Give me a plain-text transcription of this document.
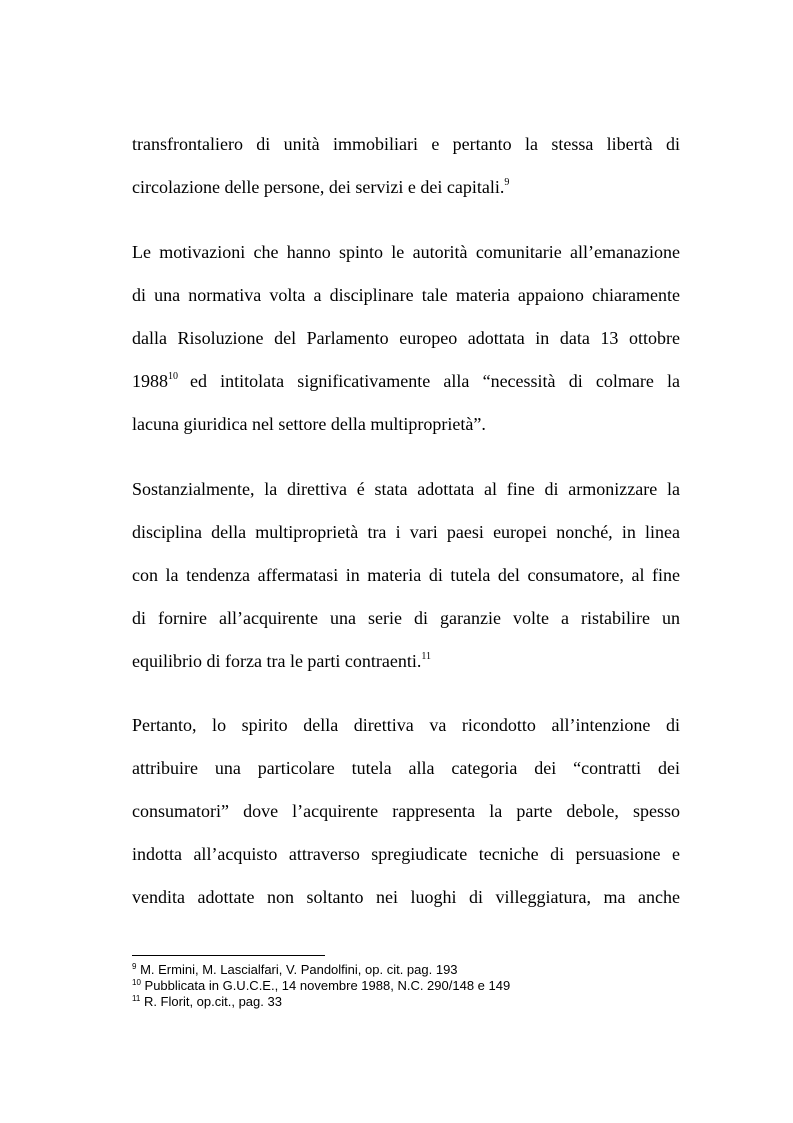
transfrontaliero di unità immobiliari e pertanto la stessa libertà di
circolazione delle persone, dei servizi e dei capitali.$^9$
Le motivazioni che hanno spinto le autorità comunitarie all’emanazione
di una normativa volta a disciplinare tale materia appaiono chiaramente
dalla Risoluzione del Parlamento europeo adottata in data 13 ottobre
1988$^{10}$ ed intitolata significativamente alla “necessità di colmare la
lacuna giuridica nel settore della multiproprietà”.
Sostanzialmente, la direttiva é stata adottata al fine di armonizzare la
disciplina della multiproprietà tra i vari paesi europei nonché, in linea
con la tendenza affermatasi in materia di tutela del consumatore, al fine
di fornire all’acquirente una serie di garanzie volte a ristabilire un
equilibrio di forza tra le parti contraenti.$^{11}$
Pertanto, lo spirito della direttiva va ricondotto all’intenzione di
attribuire una particolare tutela alla categoria dei “contratti dei
consumatori” dove l’acquirente rappresenta la parte debole, spesso
indotta all’acquisto attraverso spregiudicate tecniche di persuasione e
vendita adottate non soltanto nei luoghi di villeggiatura, ma anche
$^9$ M. Ermini, M. Lascialfari, V. Pandolfini, op. cit. pag. 193
$^{10}$ Pubblicata in G.U.C.E., 14 novembre 1988, N.C. 290/148 e 149
$^{11}$ R. Florit, op.cit., pag. 33
